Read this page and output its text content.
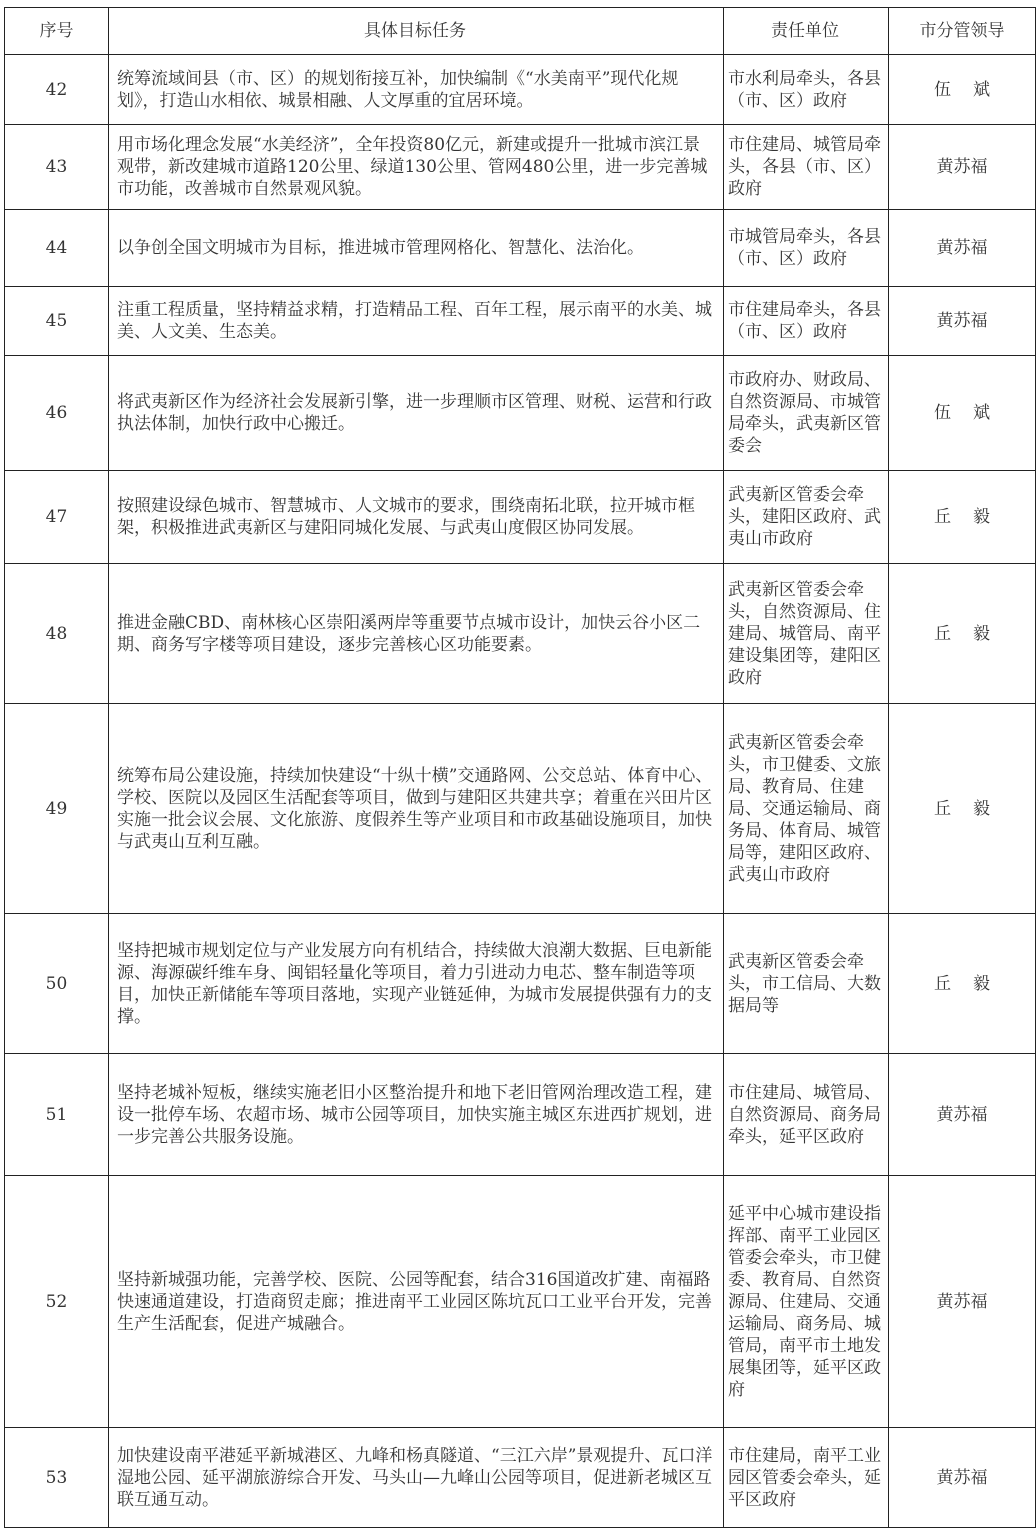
序号	具体目标任务	责任单位	市分管领导
42	统筹流域间县（市、区）的规划衔接互补，加快编制《“水美南平”现代化规划》，打造山水相依、城景相融、人文厚重的宜居环境。	市水利局牵头，各县（市、区）政府	伍斌
43	用市场化理念发展“水美经济”，全年投资80亿元，新建或提升一批城市滨江景观带，新改建城市道路120公里、绿道130公里、管网480公里，进一步完善城市功能，改善城市自然景观风貌。	市住建局、城管局牵头，各县（市、区）政府	黄苏福
44	以争创全国文明城市为目标，推进城市管理网格化、智慧化、法治化。	市城管局牵头，各县（市、区）政府	黄苏福
45	注重工程质量，坚持精益求精，打造精品工程、百年工程，展示南平的水美、城美、人文美、生态美。	市住建局牵头，各县（市、区）政府	黄苏福
46	将武夷新区作为经济社会发展新引擎，进一步理顺市区管理、财税、运营和行政执法体制，加快行政中心搬迁。	市政府办、财政局、自然资源局、市城管局牵头，武夷新区管委会	伍斌
47	按照建设绿色城市、智慧城市、人文城市的要求，围绕南拓北联，拉开城市框架，积极推进武夷新区与建阳同城化发展、与武夷山度假区协同发展。	武夷新区管委会牵头，建阳区政府、武夷山市政府	丘毅
48	推进金融CBD、南林核心区崇阳溪两岸等重要节点城市设计，加快云谷小区二期、商务写字楼等项目建设，逐步完善核心区功能要素。	武夷新区管委会牵头，自然资源局、住建局、城管局、南平建设集团等，建阳区政府	丘毅
49	统筹布局公建设施，持续加快建设“十纵十横”交通路网、公交总站、体育中心、学校、医院以及园区生活配套等项目，做到与建阳区共建共享；着重在兴田片区实施一批会议会展、文化旅游、度假养生等产业项目和市政基础设施项目，加快与武夷山互利互融。	武夷新区管委会牵头，市卫健委、文旅局、教育局、住建局、交通运输局、商务局、体育局、城管局等，建阳区政府、武夷山市政府	丘毅
50	坚持把城市规划定位与产业发展方向有机结合，持续做大浪潮大数据、巨电新能源、海源碳纤维车身、闽铝轻量化等项目，着力引进动力电芯、整车制造等项目，加快正新储能车等项目落地，实现产业链延伸，为城市发展提供强有力的支撑。	武夷新区管委会牵头，市工信局、大数据局等	丘毅
51	坚持老城补短板，继续实施老旧小区整治提升和地下老旧管网治理改造工程，建设一批停车场、农超市场、城市公园等项目，加快实施主城区东进西扩规划，进一步完善公共服务设施。	市住建局、城管局、自然资源局、商务局牵头，延平区政府	黄苏福
52	坚持新城强功能，完善学校、医院、公园等配套，结合316国道改扩建、南福路快速通道建设，打造商贸走廊；推进南平工业园区陈坑瓦口工业平台开发，完善生产生活配套，促进产城融合。	延平中心城市建设指挥部、南平工业园区管委会牵头，市卫健委、教育局、自然资源局、住建局、交通运输局、商务局、城管局，南平市土地发展集团等，延平区政府	黄苏福
53	加快建设南平港延平新城港区、九峰和杨真隧道、“三江六岸”景观提升、瓦口洋湿地公园、延平湖旅游综合开发、马头山—九峰山公园等项目，促进新老城区互联互通互动。	市住建局，南平工业园区管委会牵头，延平区政府	黄苏福
